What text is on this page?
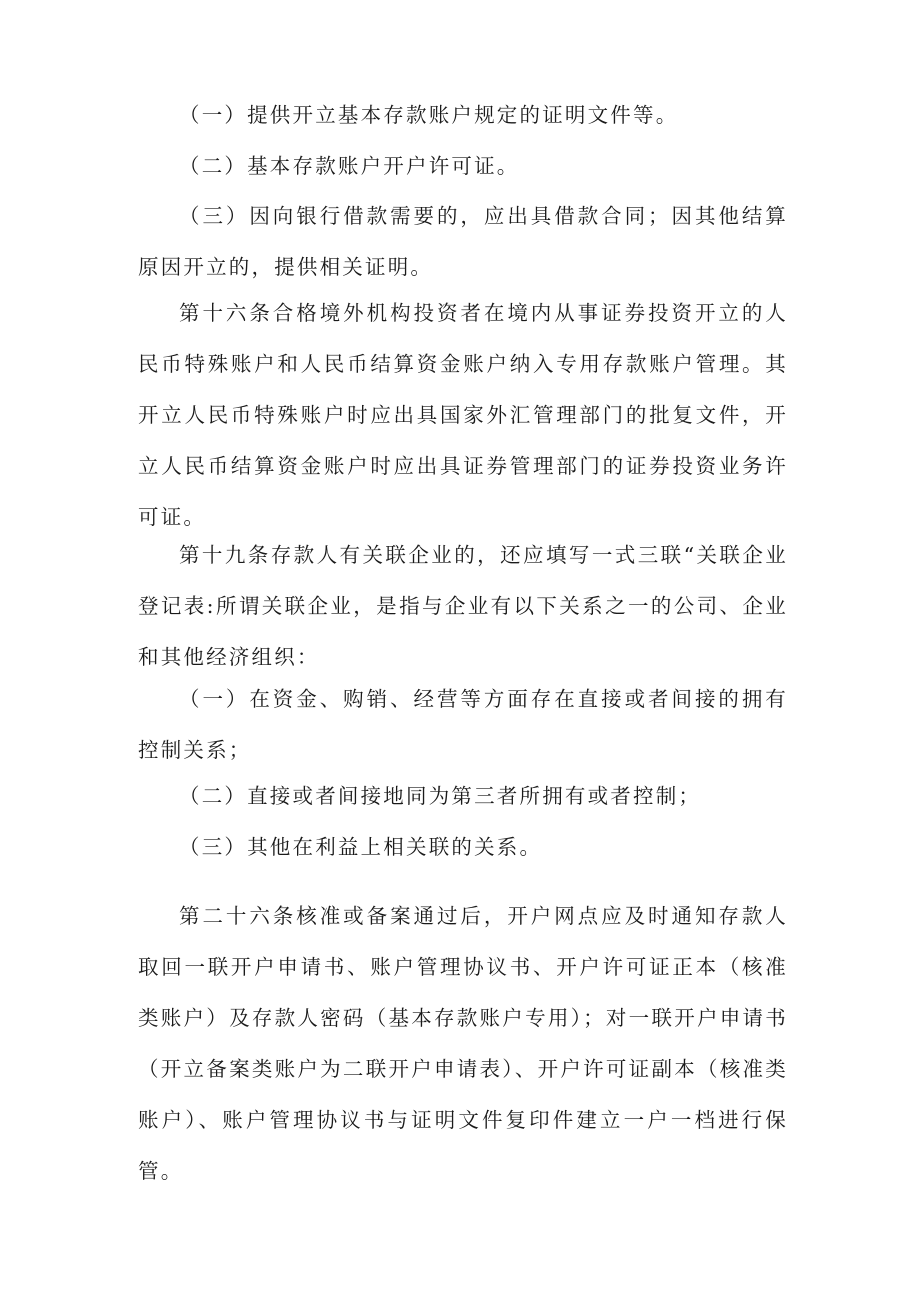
（一）提供开立基本存款账户规定的证明文件等。

（二）基本存款账户开户许可证。

（三）因向银行借款需要的，应出具借款合同；因其他结算原因开立的，提供相关证明。

第十六条合格境外机构投资者在境内从事证券投资开立的人民币特殊账户和人民币结算资金账户纳入专用存款账户管理。其开立人民币特殊账户时应出具国家外汇管理部门的批复文件，开立人民币结算资金账户时应出具证券管理部门的证券投资业务许可证。

第十九条存款人有关联企业的，还应填写一式三联“关联企业登记表:所谓关联企业，是指与企业有以下关系之一的公司、企业和其他经济组织：

（一）在资金、购销、经营等方面存在直接或者间接的拥有控制关系；

（二）直接或者间接地同为第三者所拥有或者控制；

（三）其他在利益上相关联的关系。

第二十六条核准或备案通过后，开户网点应及时通知存款人取回一联开户申请书、账户管理协议书、开户许可证正本（核准类账户）及存款人密码（基本存款账户专用）；对一联开户申请书（开立备案类账户为二联开户申请表）、开户许可证副本（核准类账户）、账户管理协议书与证明文件复印件建立一户一档进行保管。
